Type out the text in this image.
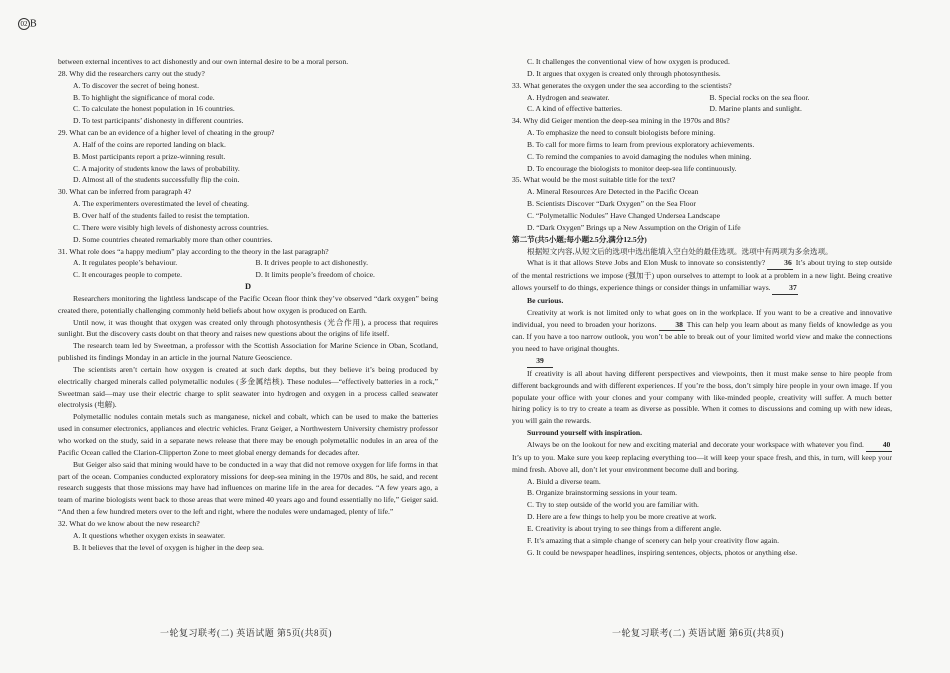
02 B
between external incentives to act dishonestly and our own internal desire to be a moral person.
28. Why did the researchers carry out the study?
A. To discover the secret of being honest.
B. To highlight the significance of moral code.
C. To calculate the honest population in 16 countries.
D. To test participants’ dishonesty in different countries.
29. What can be an evidence of a higher level of cheating in the group?
A. Half of the coins are reported landing on black.
B. Most participants report a prize-winning result.
C. A majority of students know the laws of probability.
D. Almost all of the students successfully flip the coin.
30. What can be inferred from paragraph 4?
A. The experimenters overestimated the level of cheating.
B. Over half of the students failed to resist the temptation.
C. There were visibly high levels of dishonesty across countries.
D. Some countries cheated remarkably more than other countries.
31. What role does “a happy medium” play according to the theory in the last paragraph?
A. It regulates people’s behaviour.	B. It drives people to act dishonestly.
C. It encourages people to compete.	D. It limits people’s freedom of choice.
D
Researchers monitoring the lightless landscape of the Pacific Ocean floor think they’ve observed “dark oxygen” being created there, potentially challenging commonly held beliefs about how oxygen is produced on Earth.
Until now, it was thought that oxygen was created only through photosynthesis (光合作用), a process that requires sunlight. But the discovery casts doubt on that theory and raises new questions about the origins of life itself.
The research team led by Sweetman, a professor with the Scottish Association for Marine Science in Oban, Scotland, published its findings Monday in an article in the journal Nature Geoscience.
The scientists aren’t certain how oxygen is created at such dark depths, but they believe it’s being produced by electrically charged minerals called polymetallic nodules (多金属结核). These nodules—“effectively batteries in a rock,” Sweetman said—may use their electric charge to split seawater into hydrogen and oxygen in a process called seawater electrolysis (电解).
Polymetallic nodules contain metals such as manganese, nickel and cobalt, which can be used to make the batteries used in consumer electronics, appliances and electric vehicles. Franz Geiger, a Northwestern University chemistry professor who worked on the study, said in a separate news release that there may be enough polymetallic nodules in an area of the Pacific Ocean called the Clarion-Clipperton Zone to meet global energy demands for decades after.
But Geiger also said that mining would have to be conducted in a way that did not remove oxygen for life forms in that part of the ocean. Companies conducted exploratory missions for deep-sea mining in the 1970s and 80s, he said, and recent research suggests that those missions may have had influences on marine life in the area for decades. “A few years ago, a team of marine biologists went back to those areas that were mined 40 years ago and found essentially no life,” Geiger said. “And then a few hundred meters over to the left and right, where the nodules were undamaged, plenty of life.”
32. What do we know about the new research?
A. It questions whether oxygen exists in seawater.
B. It believes that the level of oxygen is higher in the deep sea.
C. It challenges the conventional view of how oxygen is produced.
D. It argues that oxygen is created only through photosynthesis.
33. What generates the oxygen under the sea according to the scientists?
A. Hydrogen and seawater.	B. Special rocks on the sea floor.
C. A kind of effective batteries.	D. Marine plants and sunlight.
34. Why did Geiger mention the deep-sea mining in the 1970s and 80s?
A. To emphasize the need to consult biologists before mining.
B. To call for more firms to learn from previous exploratory achievements.
C. To remind the companies to avoid damaging the nodules when mining.
D. To encourage the biologists to monitor deep-sea life continuously.
35. What would be the most suitable title for the text?
A. Mineral Resources Are Detected in the Pacific Ocean
B. Scientists Discover “Dark Oxygen” on the Sea Floor
C. “Polymetallic Nodules” Have Changed Undersea Landscape
D. “Dark Oxygen” Brings up a New Assumption on the Origin of Life
第二节(共5小题;每小题2.5分,满分12.5分)
根据短文内容,从短文后的选项中选出能填入空白处的最佳选项。选项中有两项为多余选项。
What is it that allows Steve Jobs and Elon Musk to innovate so consistently?	36 It’s about trying to step outside of the mental restrictions we impose (强加于) upon ourselves to attempt to look at a problem in a new light. Being creative allows yourself to do things, experience things or consider things in unfamiliar ways. 37
Be curious.
Creativity at work is not limited only to what goes on in the workplace. If you want to be a creative and innovative individual, you need to broaden your horizons. 38 This can help you learn about as many fields of knowledge as you can. If you have a too narrow outlook, you won’t be able to break out of your limited world view and make the connections you need to have original thoughts.
39
If creativity is all about having different perspectives and viewpoints, then it must make sense to hire people from different backgrounds and with different experiences. If you’re the boss, don’t simply hire people in your own image. If you populate your office with your clones and your company with like-minded people, creativity will suffer. A much better hiring policy is to try to create a team as diverse as possible. When it comes to discussions and coming up with new ideas, you will gain the rewards.
Surround yourself with inspiration.
Always be on the lookout for new and exciting material and decorate your workspace with whatever you find. 40 It’s up to you. Make sure you keep replacing everything too—it will keep your space fresh, and this, in turn, will keep your mind fresh. Above all, don’t let your environment become dull and boring.
A. Biuld a diverse team.
B. Organize brainstorming sessions in your team.
C. Try to step outside of the world you are familiar with.
D. Here are a few things to help you be more creative at work.
E. Creativity is about trying to see things from a different angle.
F. It’s amazing that a simple change of scenery can help your creativity flow again.
G. It could be newspaper headlines, inspiring sentences, objects, photos or anything else.
一轮复习联考(二) 英语试题 第5页(共8页)	一轮复习联考(二) 英语试题 第6页(共8页)
